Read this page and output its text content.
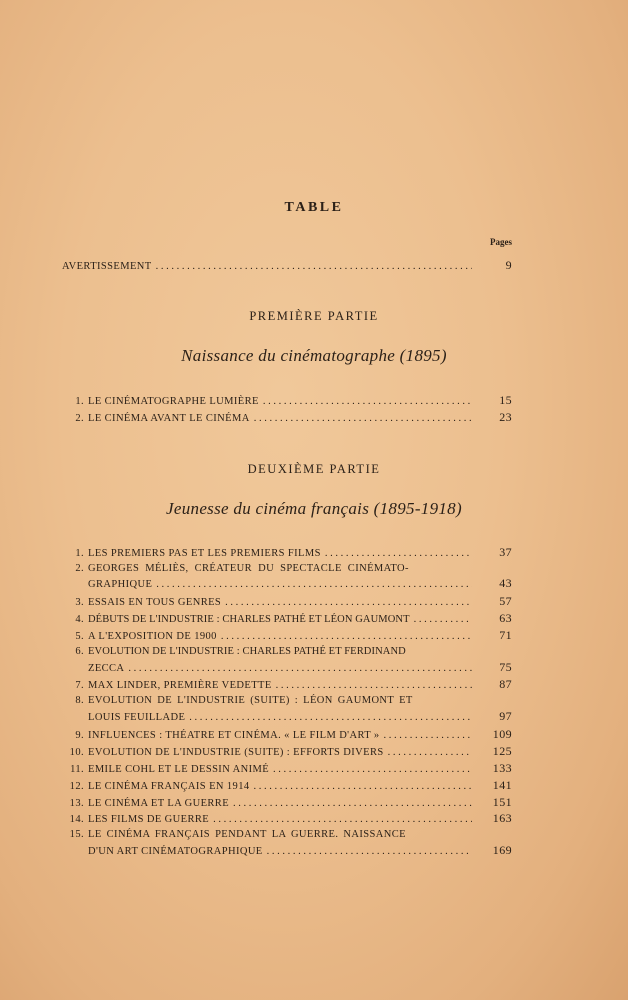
TABLE
Pages
AVERTISSEMENT . . .	9
PREMIÈRE PARTIE
Naissance du cinématographe (1895)
1. LE CINÉMATOGRAPHE LUMIÈRE . . .	15
2. LE CINÉMA AVANT LE CINÉMA . . .	23
DEUXIÈME PARTIE
Jeunesse du cinéma français (1895-1918)
1. LES PREMIERS PAS ET LES PREMIERS FILMS . . .	37
2. GEORGES MÉLIÈS, CRÉATEUR DU SPECTACLE CINÉMATO-
GRAPHIQUE . . .	43
3. ESSAIS EN TOUS GENRES . . .	57
4. DÉBUTS DE L'INDUSTRIE : CHARLES PATHÉ ET LÉON GAUMONT . . .	63
5. A L'EXPOSITION DE 1900 . . .	71
6. EVOLUTION DE L'INDUSTRIE : CHARLES PATHÉ ET FERDINAND
ZECCA . . .	75
7. MAX LINDER, PREMIÈRE VEDETTE . . .	87
8. EVOLUTION DE L'INDUSTRIE (SUITE) : LÉON GAUMONT ET
LOUIS FEUILLADE . . .	97
9. INFLUENCES : THÉATRE ET CINÉMA. « LE FILM D'ART » . . .	109
10. EVOLUTION DE L'INDUSTRIE (SUITE) : EFFORTS DIVERS . . .	125
11. EMILE COHL ET LE DESSIN ANIMÉ . . .	133
12. LE CINÉMA FRANÇAIS EN 1914 . . .	141
13. LE CINÉMA ET LA GUERRE . . .	151
14. LES FILMS DE GUERRE . . .	163
15. LE CINÉMA FRANÇAIS PENDANT LA GUERRE. NAISSANCE
D'UN ART CINÉMATOGRAPHIQUE . . .	169
